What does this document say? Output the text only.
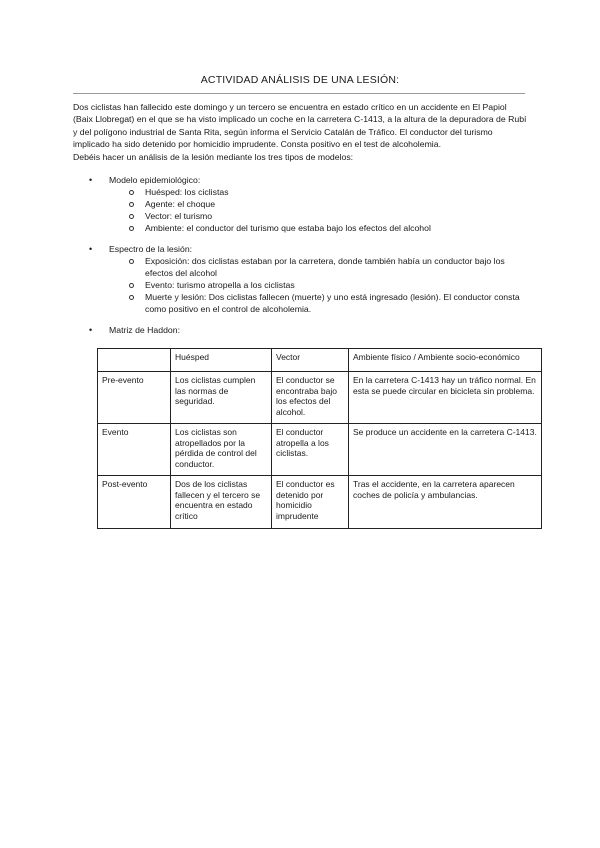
ACTIVIDAD ANÁLISIS DE UNA LESIÓN:

Dos ciclistas han fallecido este domingo y un tercero se encuentra en estado crítico en un accidente en El Papiol (Baix Llobregat) en el que se ha visto implicado un coche en la carretera C-1413, a la altura de la depuradora de Rubí y del polígono industrial de Santa Rita, según informa el Servicio Catalán de Tráfico. El conductor del turismo implicado ha sido detenido por homicidio imprudente. Consta positivo en el test de alcoholemia.

Debéis hacer un análisis de la lesión mediante los tres tipos de modelos:

• Modelo epidemiológico:
Huésped: los ciclistas
Agente: el choque
Vector: el turismo
Ambiente: el conductor del turismo que estaba bajo los efectos del alcohol
• Espectro de la lesión:
Exposición: dos ciclistas estaban por la carretera, donde también había un conductor bajo los efectos del alcohol
Evento: turismo atropella a los ciclistas
Muerte y lesión: Dos ciclistas fallecen (muerte) y uno está ingresado (lesión). El conductor consta como positivo en el control de alcoholemia.
• Matriz de Haddon:
	Huésped	Vector	Ambiente físico / Ambiente socio-económico
Pre-evento	Los ciclistas cumplen las normas de seguridad.	El conductor se encontraba bajo los efectos del alcohol.	En la carretera C-1413 hay un tráfico normal. En esta se puede circular en bicicleta sin problema.
Evento	Los ciclistas son atropellados por la pérdida de control del conductor.	El conductor atropella a los ciclistas.	Se produce un accidente en la carretera C-1413.
Post-evento	Dos de los ciclistas fallecen y el tercero se encuentra en estado crítico	El conductor es detenido por homicidio imprudente	Tras el accidente, en la carretera aparecen coches de policía y ambulancias.
